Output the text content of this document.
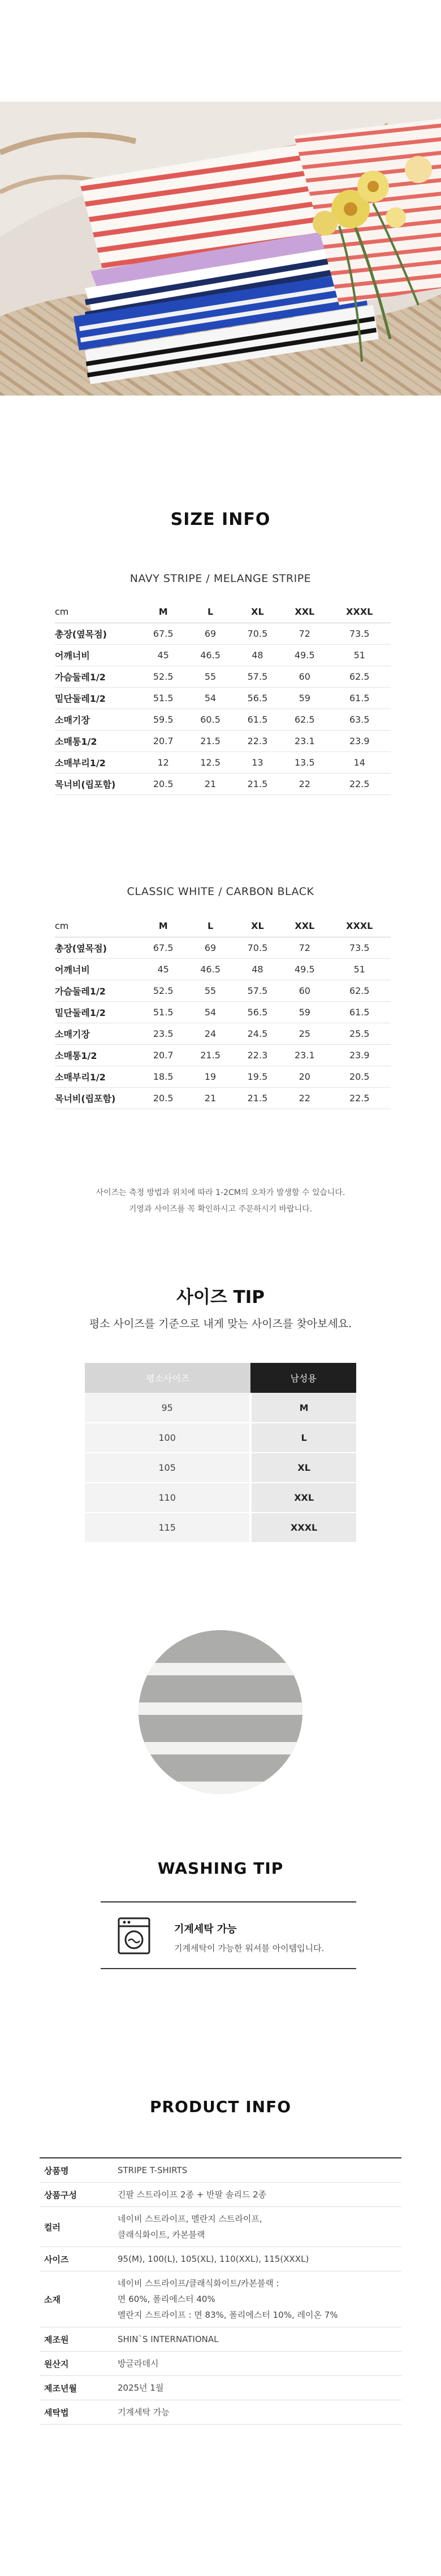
SIZE INFO
NAVY STRIPE / MELANGE STRIPE
cm	M	L	XL	XXL	XXXL
총장(옆목점)	67.5	69	70.5	72	73.5
어깨너비	45	46.5	48	49.5	51
가슴둘레1/2	52.5	55	57.5	60	62.5
밑단둘레1/2	51.5	54	56.5	59	61.5
소매기장	59.5	60.5	61.5	62.5	63.5
소매통1/2	20.7	21.5	22.3	23.1	23.9
소매부리1/2	12	12.5	13	13.5	14
목너비(립포함)	20.5	21	21.5	22	22.5
CLASSIC WHITE / CARBON BLACK
cm	M	L	XL	XXL	XXXL
총장(옆목점)	67.5	69	70.5	72	73.5
어깨너비	45	46.5	48	49.5	51
가슴둘레1/2	52.5	55	57.5	60	62.5
밑단둘레1/2	51.5	54	56.5	59	61.5
소매기장	23.5	24	24.5	25	25.5
소매통1/2	20.7	21.5	22.3	23.1	23.9
소매부리1/2	18.5	19	19.5	20	20.5
목너비(립포함)	20.5	21	21.5	22	22.5
사이즈는 측정 방법과 위치에 따라 1-2CM의 오차가 발생할 수 있습니다.
기영과 사이즈를 꼭 확인하시고 주문하시기 바랍니다.
사이즈 TIP
평소 사이즈를 기준으로 내게 맞는 사이즈를 찾아보세요.
평소사이즈	남성용
95	M
100	L
105	XL
110	XXL
115	XXXL
WASHING TIP
기계세탁 가능
기계세탁이 가능한 워셔블 아이템입니다.
PRODUCT INFO
상품명	STRIPE T-SHIRTS

상품구성	긴팔 스트라이프 2종 + 반팔 솔리드 2종

컬러	네이비 스트라이프, 멜란지 스트라이프,
클래식화이트, 카본블랙

사이즈	95(M), 100(L), 105(XL), 110(XXL), 115(XXXL)

소재	네이비 스트라이프/클래식화이트/카본블랙 :
면 60%, 폴리에스터 40%
멜란지 스트라이프 : 면 83%, 폴리에스터 10%, 레이온 7%

제조원	SHIN`S INTERNATIONAL

원산지	방글라데시

제조년월	2025년 1월

세탁법	기계세탁 가능
